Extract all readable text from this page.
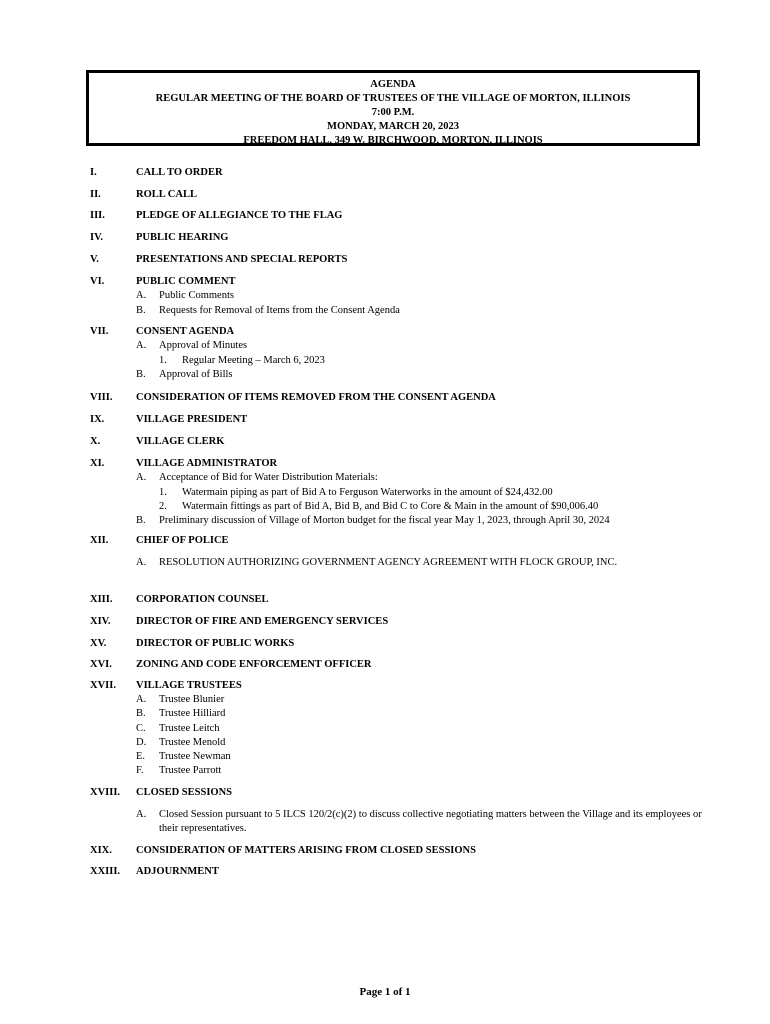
AGENDA
REGULAR MEETING OF THE BOARD OF TRUSTEES OF THE VILLAGE OF MORTON, ILLINOIS
7:00 P.M.
MONDAY, MARCH 20, 2023
FREEDOM HALL, 349 W. BIRCHWOOD, MORTON, ILLINOIS
I.	CALL TO ORDER
II.	ROLL CALL
III.	PLEDGE OF ALLEGIANCE TO THE FLAG
IV.	PUBLIC HEARING
V.	PRESENTATIONS AND SPECIAL REPORTS
VI.	PUBLIC COMMENT
A.	Public Comments
B.	Requests for Removal of Items from the Consent Agenda
VII.	CONSENT AGENDA
A.	Approval of Minutes
1.	Regular Meeting – March 6, 2023
B.	Approval of Bills
VIII.	CONSIDERATION OF ITEMS REMOVED FROM THE CONSENT AGENDA
IX.	VILLAGE PRESIDENT
X.	VILLAGE CLERK
XI.	VILLAGE ADMINISTRATOR
A.	Acceptance of Bid for Water Distribution Materials:
1.	Watermain piping as part of Bid A to Ferguson Waterworks in the amount of $24,432.00
2.	Watermain fittings as part of Bid A, Bid B, and Bid C to Core & Main in the amount of $90,006.40
B.	Preliminary discussion of Village of Morton budget for the fiscal year May 1, 2023, through April 30, 2024
XII.	CHIEF OF POLICE
A.	RESOLUTION AUTHORIZING GOVERNMENT AGENCY AGREEMENT WITH FLOCK GROUP, INC.
XIII.	CORPORATION COUNSEL
XIV.	DIRECTOR OF FIRE AND EMERGENCY SERVICES
XV.	DIRECTOR OF PUBLIC WORKS
XVI.	ZONING AND CODE ENFORCEMENT OFFICER
XVII.	VILLAGE TRUSTEES
A.	Trustee Blunier
B.	Trustee Hilliard
C.	Trustee Leitch
D.	Trustee Menold
E.	Trustee Newman
F.	Trustee Parrott
XVIII.	CLOSED SESSIONS
A.	Closed Session pursuant to 5 ILCS 120/2(c)(2) to discuss collective negotiating matters between the Village and its employees or their representatives.
XIX.	CONSIDERATION OF MATTERS ARISING FROM CLOSED SESSIONS
XXIII.	ADJOURNMENT
Page 1 of 1
